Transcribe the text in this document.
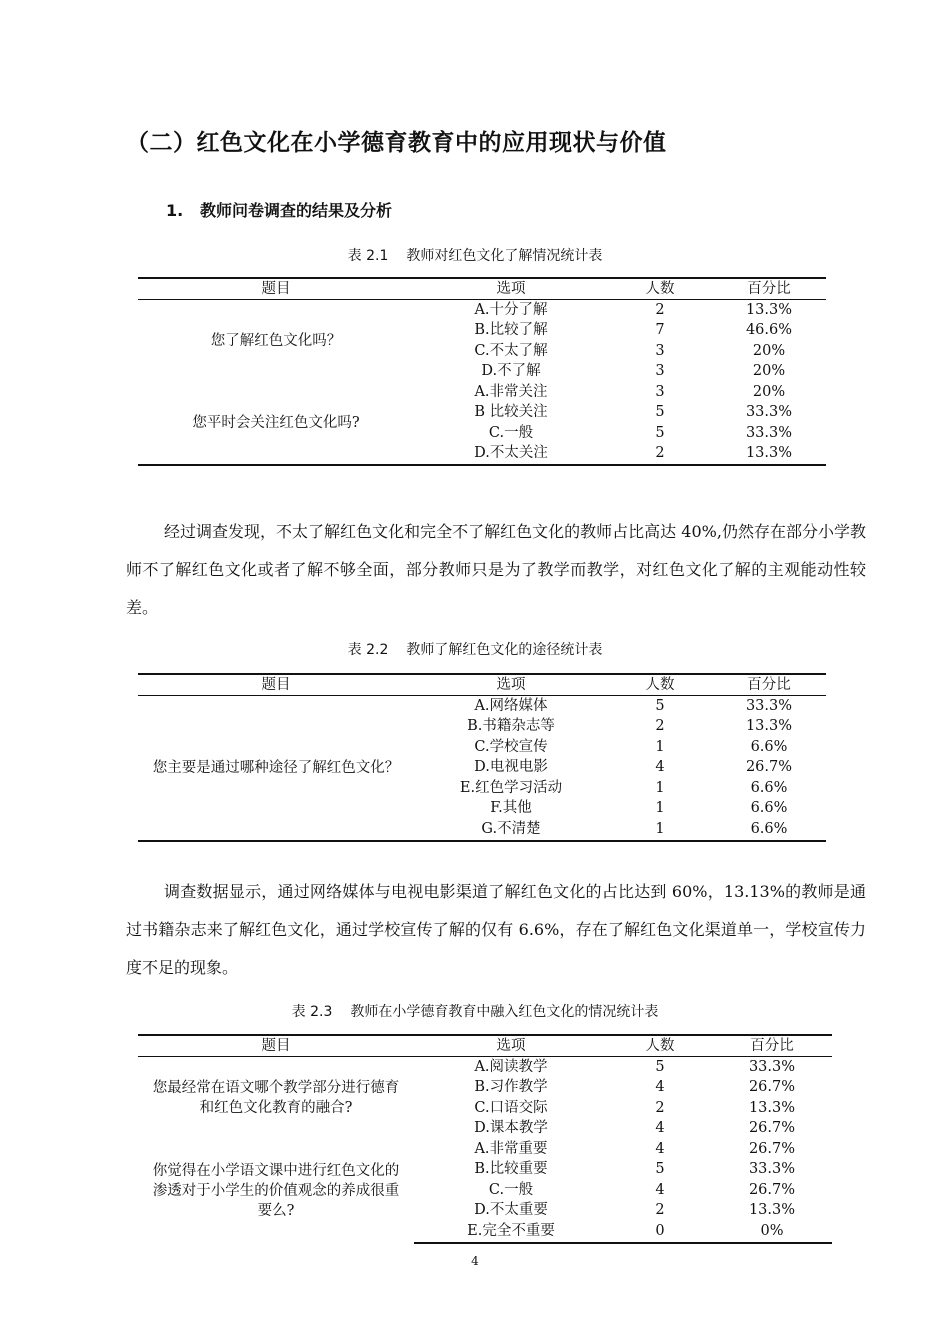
（二）红色文化在小学德育教育中的应用现状与价值
1. 教师问卷调查的结果及分析
表 2.1 教师对红色文化了解情况统计表
题目	选项	人数	百分比
您了解红色文化吗？	A.十分了解	2	13.3%
	B.比较了解	7	46.6%
	C.不太了解	3	20%
	D.不了解	3	20%
您平时会关注红色文化吗?	A.非常关注	3	20%
	B 比较关注	5	33.3%
	C.一般	5	33.3%
	D.不太关注	2	13.3%
经过调查发现，不太了解红色文化和完全不了解红色文化的教师占比高达 40%,仍然存在部分小学教师不了解红色文化或者了解不够全面，部分教师只是为了教学而教学，对红色文化了解的主观能动性较差。
表 2.2 教师了解红色文化的途径统计表
题目	选项	人数	百分比
您主要是通过哪种途径了解红色文化？	A.网络媒体	5	33.3%
	B.书籍杂志等	2	13.3%
	C.学校宣传	1	6.6%
	D.电视电影	4	26.7%
	E.红色学习活动	1	6.6%
	F.其他	1	6.6%
	G.不清楚	1	6.6%
调查数据显示，通过网络媒体与电视电影渠道了解红色文化的占比达到 60%，13.13%的教师是通过书籍杂志来了解红色文化，通过学校宣传了解的仅有 6.6%，存在了解红色文化渠道单一，学校宣传力度不足的现象。
表 2.3 教师在小学德育教育中融入红色文化的情况统计表
题目	选项	人数	百分比
您最经常在语文哪个教学部分进行德育和红色文化教育的融合?	A.阅读教学	5	33.3%
	B.习作教学	4	26.7%
	C.口语交际	2	13.3%
	D.课本教学	4	26.7%
你觉得在小学语文课中进行红色文化的渗透对于小学生的价值观念的养成很重要么?	A.非常重要	4	26.7%
	B.比较重要	5	33.3%
	C.一般	4	26.7%
	D.不太重要	2	13.3%
	E.完全不重要	0	0%
4
